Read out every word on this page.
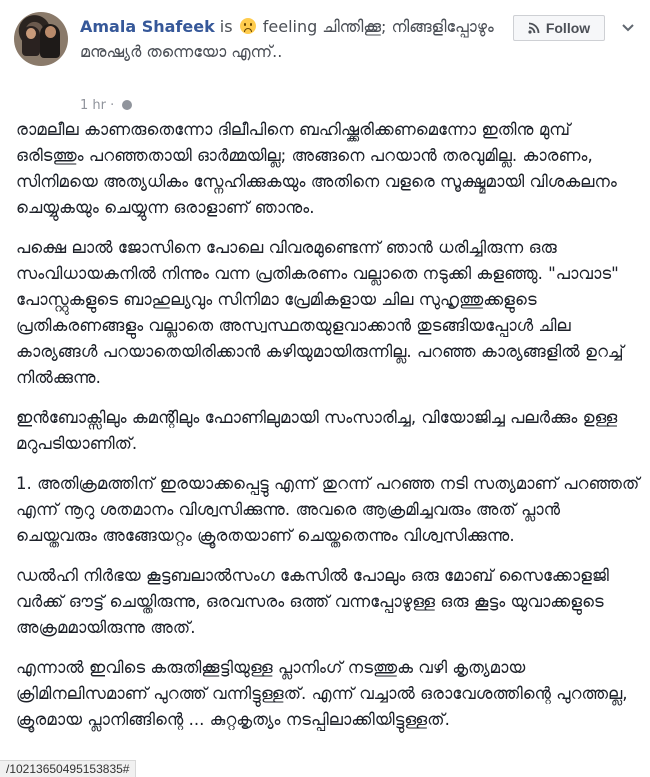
Amala Shafeek is  feeling ചിന്തിക്കൂ; നിങ്ങളിപ്പോഴും മനുഷ്യർ തന്നെയോ എന്ന്..
1 hr ·
Follow

രാമലീല കാണരുതെന്നോ ദിലീപിനെ ബഹിഷ്ക്കരിക്കണമെന്നോ ഇതിനു മുമ്പ് ഒരിടത്തും പറഞ്ഞതായി ഓർമ്മയില്ല; അങ്ങനെ പറയാൻ തരവുമില്ല. കാരണം, സിനിമയെ അത്യധികം സ്നേഹിക്കുകയും അതിനെ വളരെ സൂക്ഷ്മമായി വിശകലനം ചെയ്യുകയും ചെയ്യുന്ന ഒരാളാണ് ഞാനും.

പക്ഷെ ലാൽ ജോസിനെ പോലെ വിവരമുണ്ടെന്ന് ഞാൻ ധരിച്ചിരുന്ന ഒരു സംവിധായകനിൽ നിന്നും വന്ന പ്രതികരണം വല്ലാതെ നടുക്കി കളഞ്ഞു. "പാവാട" പോസ്റ്റുകളുടെ ബാഹുല്യവും സിനിമാ പ്രേമികളായ ചില സുഹൃത്തുക്കളുടെ പ്രതികരണങ്ങളും വല്ലാതെ അസ്വസ്ഥതയുളവാക്കാൻ തുടങ്ങിയപ്പോൾ ചില കാര്യങ്ങൾ പറയാതെയിരിക്കാൻ കഴിയുമായിരുന്നില്ല. പറഞ്ഞ കാര്യങ്ങളിൽ ഉറച്ച് നിൽക്കുന്നു.

ഇൻബോക്സിലും കമന്റിലും ഫോണിലുമായി സംസാരിച്ച, വിയോജിച്ച പലർക്കും ഉള്ള മറുപടിയാണിത്.

1. അതിക്രമത്തിന് ഇരയാക്കപ്പെട്ടു എന്ന് തുറന്ന് പറഞ്ഞ നടി സത്യമാണ് പറഞ്ഞത് എന്ന് നൂറു ശതമാനം വിശ്വസിക്കുന്നു. അവരെ ആക്രമിച്ചവരും അത് പ്ലാൻ ചെയ്തവരും അങ്ങേയറ്റം ക്രൂരതയാണ് ചെയ്തതെന്നും വിശ്വസിക്കുന്നു.

ഡൽഹി നിർഭയ കൂട്ടബലാൽസംഗ കേസിൽ പോലും ഒരു മോബ് സൈക്കോളജി വർക്ക് ഔട്ട് ചെയ്തിരുന്നു, ഒരവസരം ഒത്ത് വന്നപ്പോഴുള്ള ഒരു കൂട്ടം യുവാക്കളുടെ അക്രമമായിരുന്നു അത്.

എന്നാൽ ഇവിടെ കരുതിക്കൂട്ടിയുള്ള പ്ലാനിംഗ് നടത്തുക വഴി കൃത്യമായ ക്രിമിനലിസമാണ് പുറത്ത് വന്നിട്ടുള്ളത്. എന്ന് വച്ചാൽ ഒരാവേശത്തിന്റെ പുറത്തല്ല, ക്രൂരമായ പ്ലാനിങ്ങിന്റെ ... കുറ്റകൃത്യം നടപ്പിലാക്കിയിട്ടുള്ളത്.

/10213650495153835#
